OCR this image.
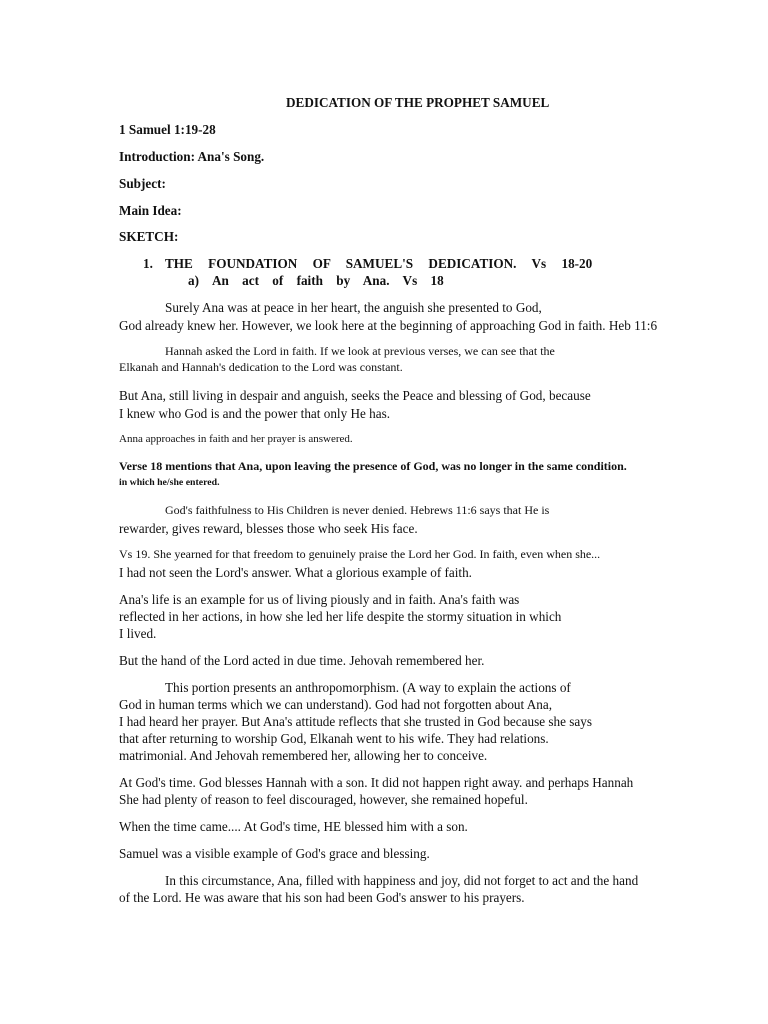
DEDICATION OF THE PROPHET SAMUEL
1 Samuel 1:19-28
Introduction: Ana's Song.
Subject:
Main Idea:
SKETCH:
1. THE FOUNDATION OF SAMUEL'S DEDICATION. Vs 18-20
a) An act of faith by Ana. Vs 18
Surely Ana was at peace in her heart, the anguish she presented to God,
God already knew her. However, we look here at the beginning of approaching God in faith. Heb 11:6
Hannah asked the Lord in faith. If we look at previous verses, we can see that the
Elkanah and Hannah's dedication to the Lord was constant.
But Ana, still living in despair and anguish, seeks the Peace and blessing of God, because
I knew who God is and the power that only He has.
Anna approaches in faith and her prayer is answered.
Verse 18 mentions that Ana, upon leaving the presence of God, was no longer in the same condition.
in which he/she entered.
God's faithfulness to His Children is never denied. Hebrews 11:6 says that He is
rewarder, gives reward, blesses those who seek His face.
Vs 19. She yearned for that freedom to genuinely praise the Lord her God. In faith, even when she...
I had not seen the Lord's answer. What a glorious example of faith.
Ana's life is an example for us of living piously and in faith. Ana's faith was
reflected in her actions, in how she led her life despite the stormy situation in which
I lived.
But the hand of the Lord acted in due time. Jehovah remembered her.
This portion presents an anthropomorphism. (A way to explain the actions of
God in human terms which we can understand). God had not forgotten about Ana,
I had heard her prayer. But Ana's attitude reflects that she trusted in God because she says
that after returning to worship God, Elkanah went to his wife. They had relations.
matrimonial. And Jehovah remembered her, allowing her to conceive.
At God's time. God blesses Hannah with a son. It did not happen right away. and perhaps Hannah
She had plenty of reason to feel discouraged, however, she remained hopeful.
When the time came.... At God's time, HE blessed him with a son.
Samuel was a visible example of God's grace and blessing.
In this circumstance, Ana, filled with happiness and joy, did not forget to act and the hand
of the Lord. He was aware that his son had been God's answer to his prayers.
